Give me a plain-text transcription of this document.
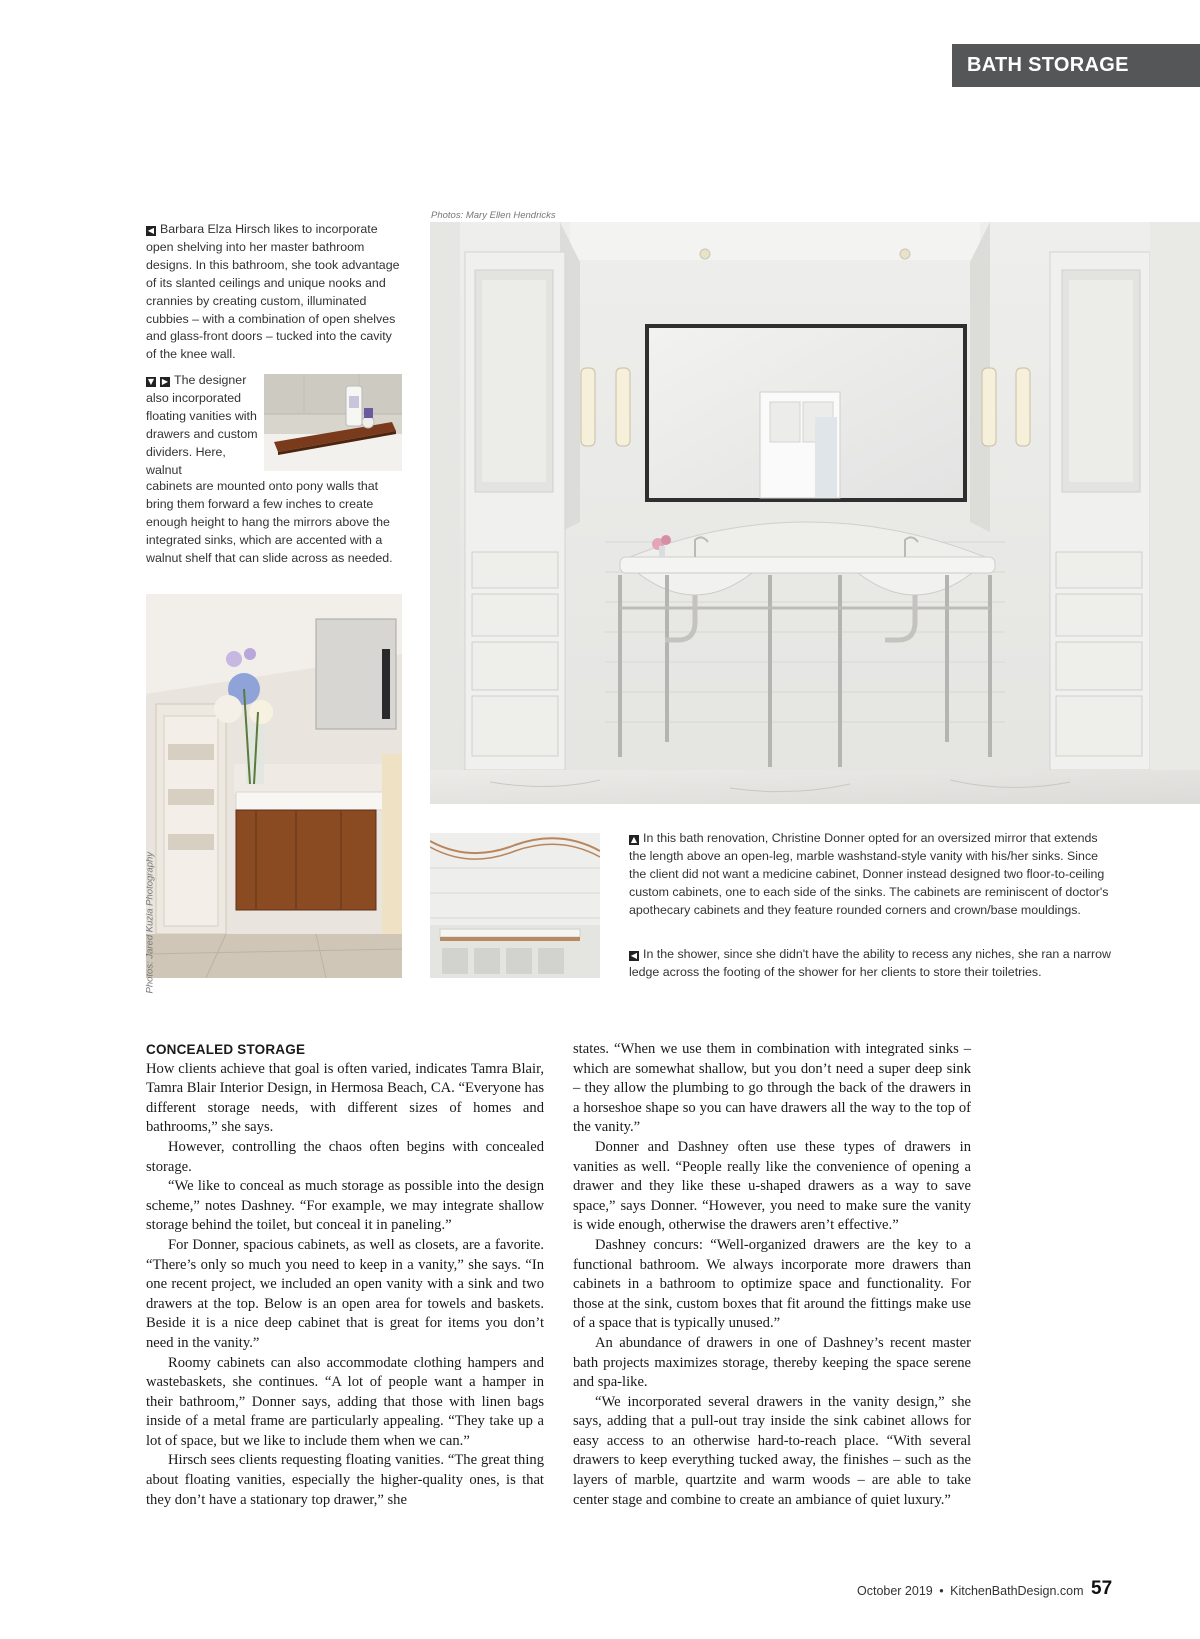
BATH STORAGE
Photos: Mary Ellen Hendricks
◀ Barbara Elza Hirsch likes to incorporate open shelving into her master bathroom designs. In this bathroom, she took advantage of its slanted ceilings and unique nooks and crannies by creating custom, illuminated cubbies – with a combination of open shelves and glass-front doors – tucked into the cavity of the knee wall.
▼ ▶ The designer also incorporated floating vanities with drawers and custom dividers. Here, walnut
cabinets are mounted onto pony walls that bring them forward a few inches to create enough height to hang the mirrors above the integrated sinks, which are accented with a walnut shelf that can slide across as needed.
Photos: Jared Kuzia Photography
▲ In this bath renovation, Christine Donner opted for an oversized mirror that extends the length above an open-leg, marble washstand-style vanity with his/her sinks. Since the client did not want a medicine cabinet, Donner instead designed two floor-to-ceiling custom cabinets, one to each side of the sinks. The cabinets are reminiscent of doctor's apothecary cabinets and they feature rounded corners and crown/base mouldings.
◀ In the shower, since she didn't have the ability to recess any niches, she ran a narrow ledge across the footing of the shower for her clients to store their toiletries.
CONCEALED STORAGE

How clients achieve that goal is often varied, indicates Tamra Blair, Tamra Blair Interior Design, in Hermosa Beach, CA. “Everyone has different storage needs, with different sizes of homes and bathrooms,” she says.

However, controlling the chaos often begins with concealed storage.

“We like to conceal as much storage as possible into the design scheme,” notes Dashney. “For example, we may integrate shallow storage behind the toilet, but conceal it in paneling.”

For Donner, spacious cabinets, as well as closets, are a favorite. “There’s only so much you need to keep in a vanity,” she says. “In one recent project, we included an open vanity with a sink and two drawers at the top. Below is an open area for towels and baskets. Beside it is a nice deep cabinet that is great for items you don’t need in the vanity.”

Roomy cabinets can also accommodate clothing hampers and wastebaskets, she continues. “A lot of people want a hamper in their bathroom,” Donner says, adding that those with linen bags inside of a metal frame are particularly appealing. “They take up a lot of space, but we like to include them when we can.”

Hirsch sees clients requesting floating vanities. “The great thing about floating vanities, especially the higher-quality ones, is that they don’t have a stationary top drawer,” she

states. “When we use them in combination with integrated sinks – which are somewhat shallow, but you don’t need a super deep sink – they allow the plumbing to go through the back of the drawers in a horseshoe shape so you can have drawers all the way to the top of the vanity.”

Donner and Dashney often use these types of drawers in vanities as well. “People really like the convenience of opening a drawer and they like these u-shaped drawers as a way to save space,” says Donner. “However, you need to make sure the vanity is wide enough, otherwise the drawers aren’t effective.”

Dashney concurs: “Well-organized drawers are the key to a functional bathroom. We always incorporate more drawers than cabinets in a bathroom to optimize space and functionality. For those at the sink, custom boxes that fit around the fittings make use of a space that is typically unused.”

An abundance of drawers in one of Dashney’s recent master bath projects maximizes storage, thereby keeping the space serene and spa-like.

“We incorporated several drawers in the vanity design,” she says, adding that a pull-out tray inside the sink cabinet allows for easy access to an otherwise hard-to-reach place. “With several drawers to keep everything tucked away, the finishes – such as the layers of marble, quartzite and warm woods – are able to take center stage and combine to create an ambiance of quiet luxury.”

October 2019 • KitchenBathDesign.com 57
